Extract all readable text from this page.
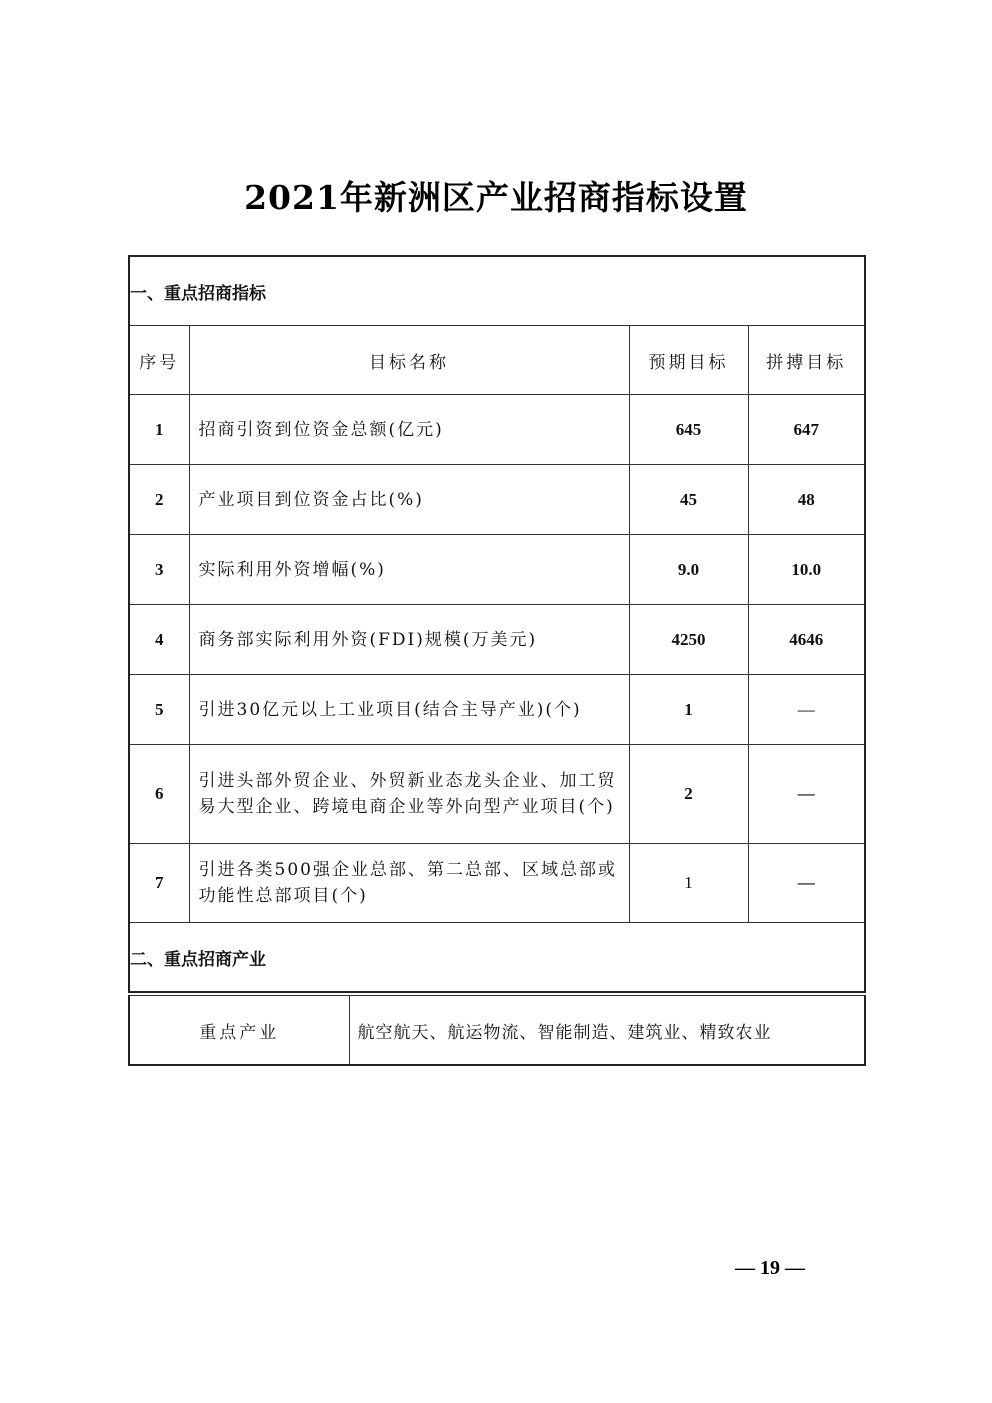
2021年新洲区产业招商指标设置
一、重点招商指标			
序号	目标名称	预期目标	拼搏目标
1	招商引资到位资金总额(亿元)	645	647
2	产业项目到位资金占比(%)	45	48
3	实际利用外资增幅(%)	9.0	10.0
4	商务部实际利用外资(FDI)规模(万美元)	4250	4646
5	引进30亿元以上工业项目(结合主导产业)(个)	1	—
6	引进头部外贸企业、外贸新业态龙头企业、加工贸易大型企业、跨境电商企业等外向型产业项目(个)	2	—
7	引进各类500强企业总部、第二总部、区域总部或功能性总部项目(个)	1	—
二、重点招商产业			

重点产业	航空航天、航运物流、智能制造、建筑业、精致农业
— 19 —
